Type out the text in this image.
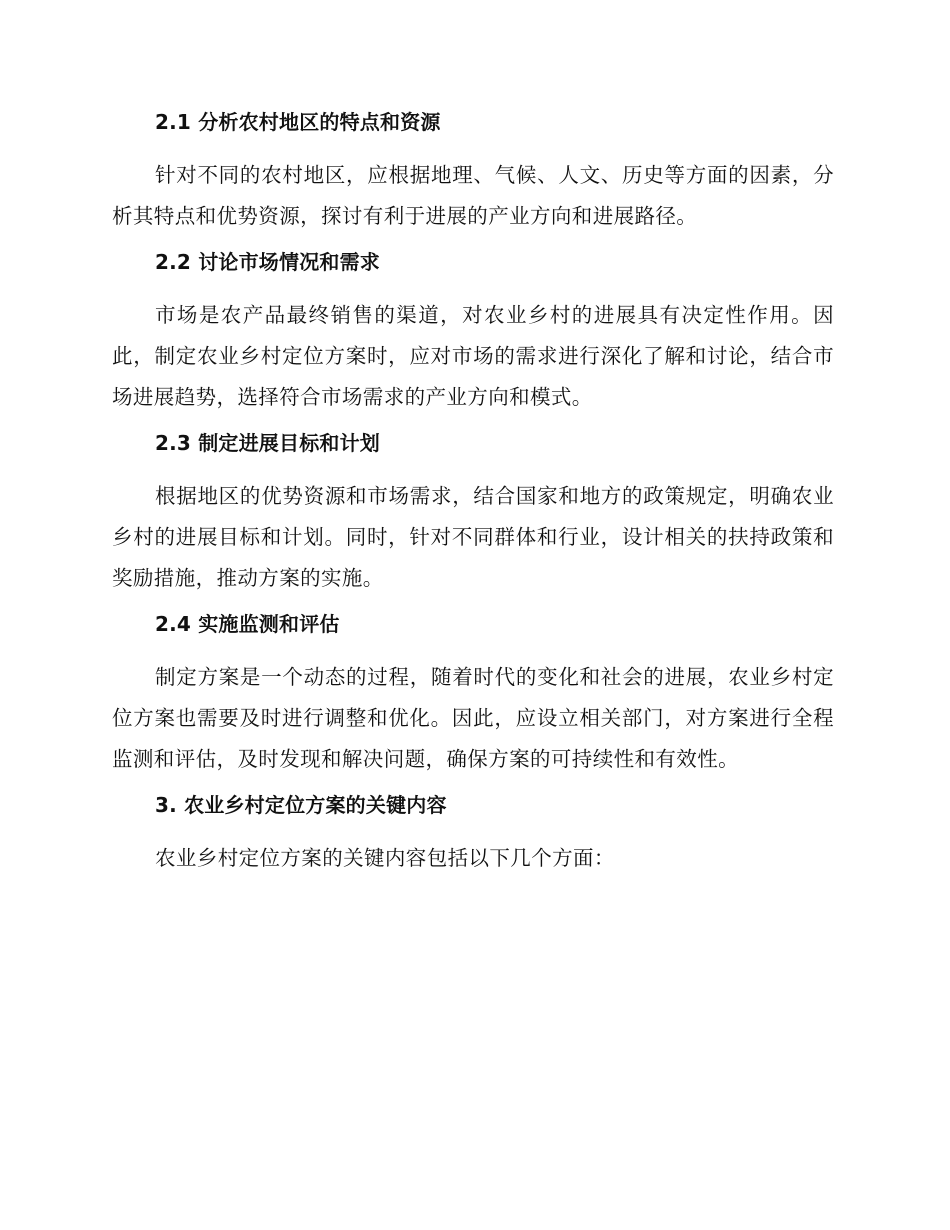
2.1 分析农村地区的特点和资源

针对不同的农村地区，应根据地理、气候、人文、历史等方面的因素，分析其特点和优势资源，探讨有利于进展的产业方向和进展路径。

2.2 讨论市场情况和需求

市场是农产品最终销售的渠道，对农业乡村的进展具有决定性作用。因此，制定农业乡村定位方案时，应对市场的需求进行深化了解和讨论，结合市场进展趋势，选择符合市场需求的产业方向和模式。

2.3 制定进展目标和计划

根据地区的优势资源和市场需求，结合国家和地方的政策规定，明确农业乡村的进展目标和计划。同时，针对不同群体和行业，设计相关的扶持政策和奖励措施，推动方案的实施。

2.4 实施监测和评估

制定方案是一个动态的过程，随着时代的变化和社会的进展，农业乡村定位方案也需要及时进行调整和优化。因此，应设立相关部门，对方案进行全程监测和评估，及时发现和解决问题，确保方案的可持续性和有效性。

3. 农业乡村定位方案的关键内容

农业乡村定位方案的关键内容包括以下几个方面：
